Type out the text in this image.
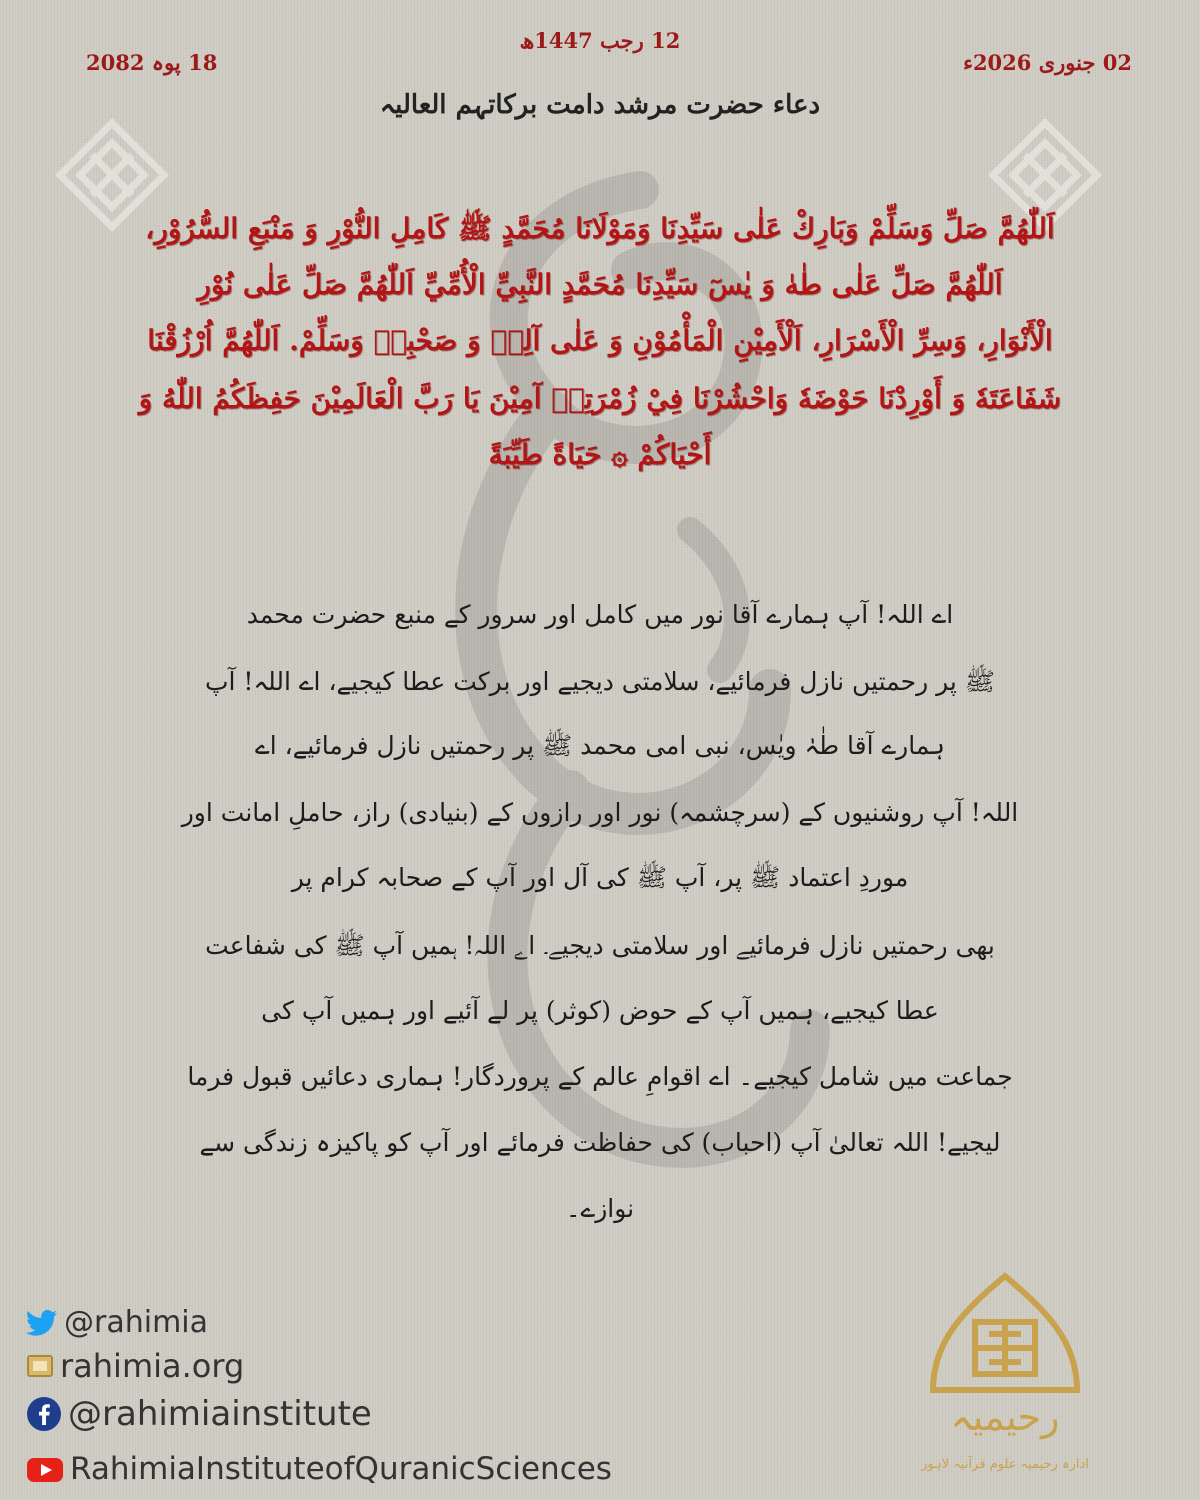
12 رجب 1447ھ
02 جنوری 2026ء
18 پوہ 2082
دعاء حضرت مرشد دامت برکاتہم العالیہ
اَللّٰهُمَّ صَلِّ وَسَلِّمْ وَبَارِكْ عَلٰى سَيِّدِنَا وَمَوْلَانَا مُحَمَّدٍ ﷺ كَامِلِ النُّوْرِ وَ مَنْبَعِ السُّرُوْرِ،
اَللّٰهُمَّ صَلِّ عَلٰى طٰهٰ وَ يٰسٓ سَيِّدِنَا مُحَمَّدٍ النَّبِيِّ الْأُمِّيِّ اَللّٰهُمَّ صَلِّ عَلٰى نُوْرِ
الْأَنْوَارِ، وَسِرِّ الْأَسْرَارِ، اَلْأَمِيْنِ الْمَأْمُوْنِ وَ عَلٰى آلِهٖ وَ صَحْبِهٖ وَسَلِّمْ. اَللّٰهُمَّ اُرْزُقْنَا
شَفَاعَتَهٗ وَ أَوْرِدْنَا حَوْضَهٗ وَاحْشُرْنَا فِيْ زُمْرَتِهٖ آمِيْنَ يَا رَبَّ الْعَالَمِيْنَ حَفِظَكُمُ اللّٰهُ وَ
أَحْيَاكُمْ ۞ حَيَاةً طَيِّبَةً
اے اللہ! آپ ہمارے آقا نور میں کامل اور سرور کے منبع حضرت محمد
ﷺ پر رحمتیں نازل فرمائیے، سلامتی دیجیے اور برکت عطا کیجیے، اے اللہ! آپ
ہمارے آقا طٰہٰ ویٰس، نبی امی محمد ﷺ پر رحمتیں نازل فرمائیے، اے
اللہ! آپ روشنیوں کے (سرچشمہ) نور اور رازوں کے (بنیادی) راز، حاملِ امانت اور
موردِ اعتماد ﷺ پر، آپ ﷺ کی آل اور آپ کے صحابہ کرام پر
بھی رحمتیں نازل فرمائیے اور سلامتی دیجیے۔ اے اللہ! ہمیں آپ ﷺ کی شفاعت
عطا کیجیے، ہمیں آپ کے حوض (کوثر) پر لے آئیے اور ہمیں آپ کی
جماعت میں شامل کیجیے۔ اے اقوامِ عالم کے پروردگار! ہماری دعائیں قبول فرما
لیجیے! اللہ تعالیٰ آپ (احباب) کی حفاظت فرمائے اور آپ کو پاکیزہ زندگی سے
نوازے۔
@rahimia
rahimia.org
@rahimiainstitute
RahimiaInstituteofQuranicSciences
رحیمیہ
ادارہ رحیمیہ علوم قرآنیہ لاہور
